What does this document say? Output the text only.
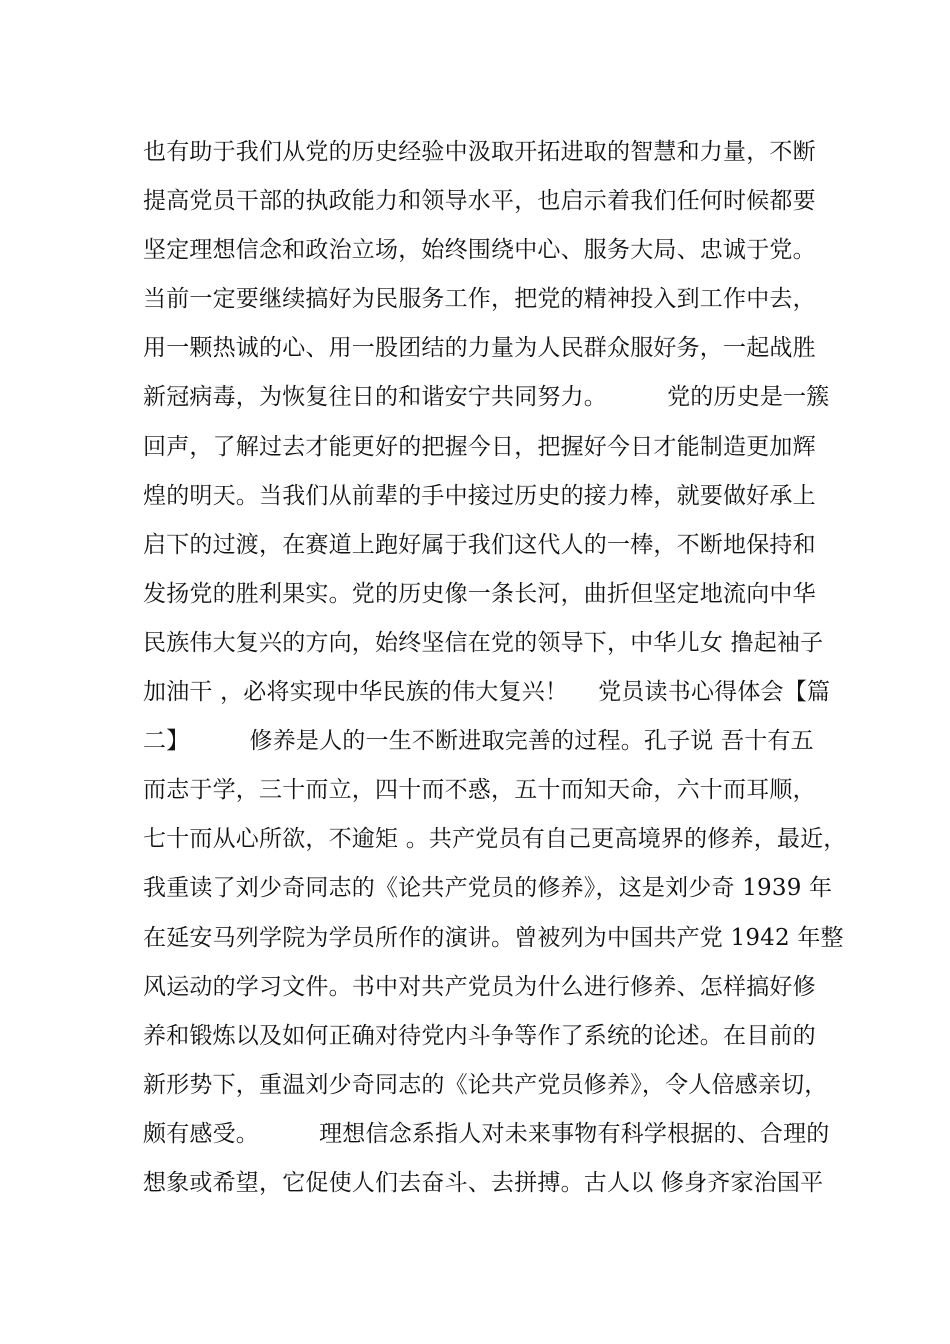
也有助于我们从党的历史经验中汲取开拓进取的智慧和力量，不断
提高党员干部的执政能力和领导水平，也启示着我们任何时候都要
坚定理想信念和政治立场，始终围绕中心、服务大局、忠诚于党。
当前一定要继续搞好为民服务工作，把党的精神投入到工作中去，
用一颗热诚的心、用一股团结的力量为人民群众服好务，一起战胜
新冠病毒，为恢复往日的和谐安宁共同努力。        党的历史是一簇
回声，了解过去才能更好的把握今日，把握好今日才能制造更加辉
煌的明天。当我们从前辈的手中接过历史的接力棒，就要做好承上
启下的过渡，在赛道上跑好属于我们这代人的一棒，不断地保持和
发扬党的胜利果实。党的历史像一条长河，曲折但坚定地流向中华
民族伟大复兴的方向，始终坚信在党的领导下，中华儿女 撸起袖子
加油干 ，必将实现中华民族的伟大复兴！    党员读书心得体会【篇
二】        修养是人的一生不断进取完善的过程。孔子说 吾十有五
而志于学，三十而立，四十而不惑，五十而知天命，六十而耳顺，
七十而从心所欲，不逾矩 。共产党员有自己更高境界的修养，最近，
我重读了刘少奇同志的《论共产党员的修养》，这是刘少奇 1939 年
在延安马列学院为学员所作的演讲。曾被列为中国共产党 1942 年整
风运动的学习文件。书中对共产党员为什么进行修养、怎样搞好修
养和锻炼以及如何正确对待党内斗争等作了系统的论述。在目前的
新形势下，重温刘少奇同志的《论共产党员修养》，令人倍感亲切，
颇有感受。        理想信念系指人对未来事物有科学根据的、合理的
想象或希望，它促使人们去奋斗、去拼搏。古人以 修身齐家治国平
